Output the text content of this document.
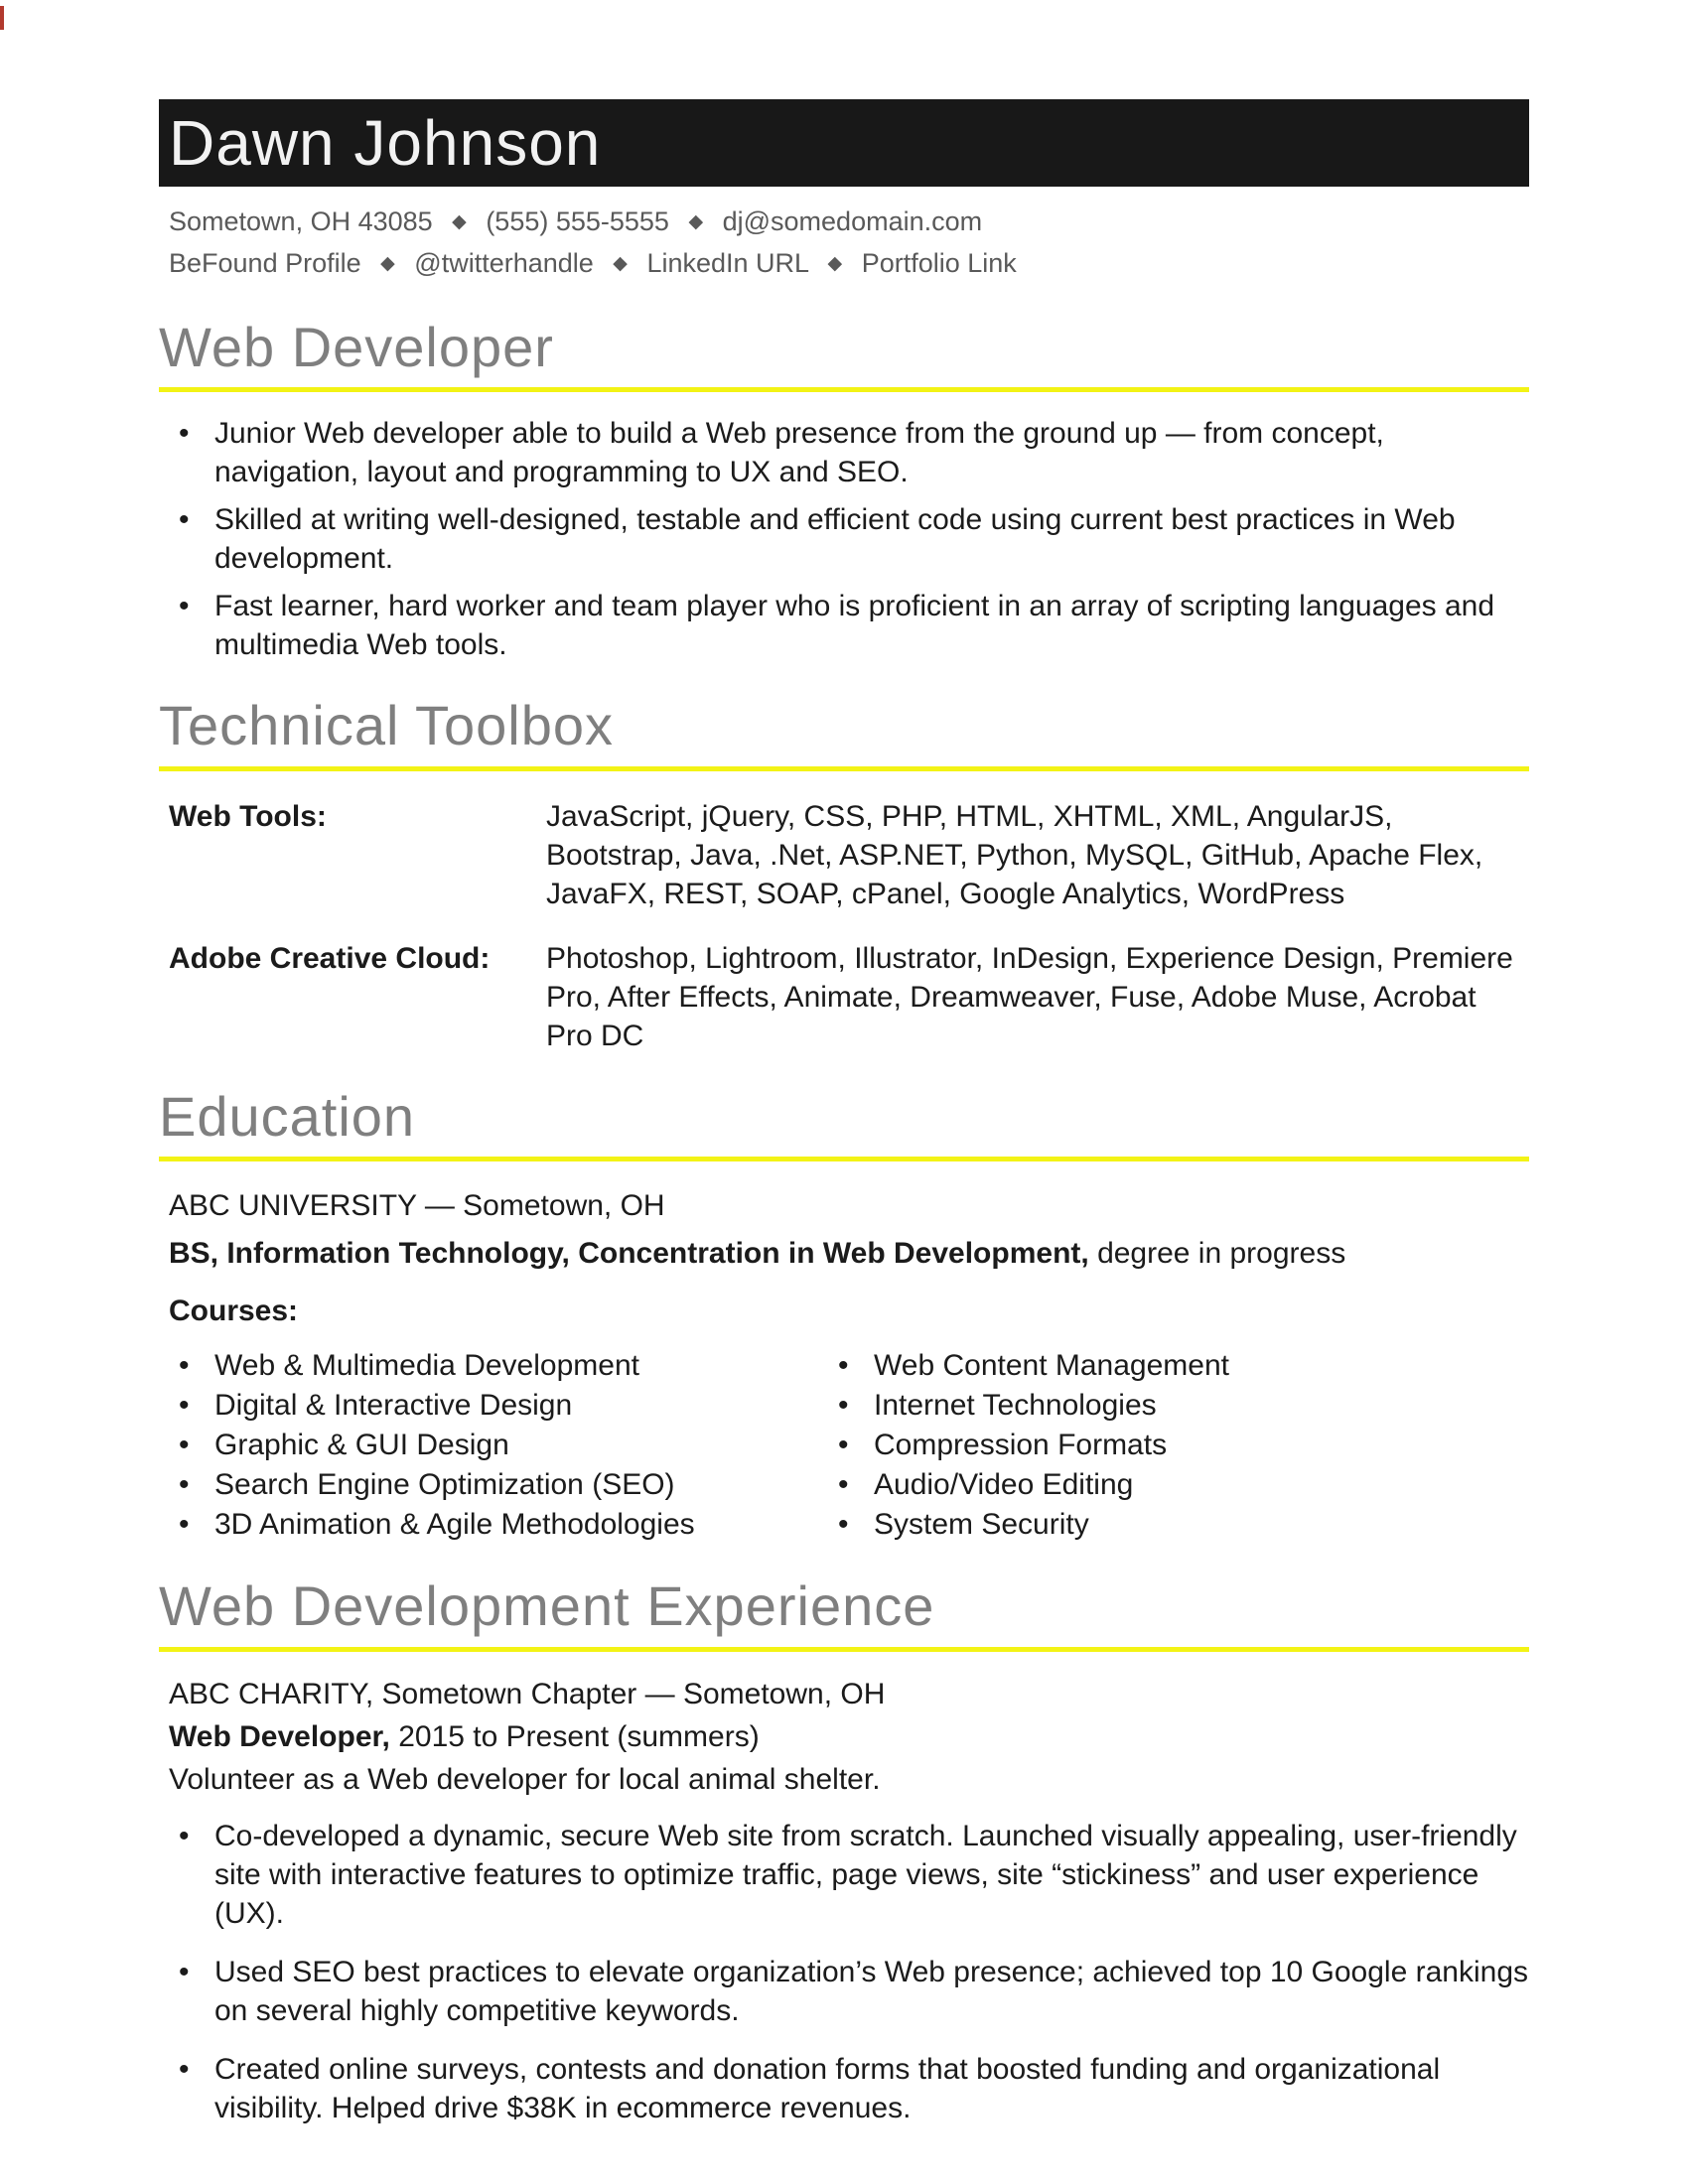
Dawn Johnson
Sometown, OH 43085 ◆ (555) 555-5555 ◆ dj@somedomain.com
BeFound Profile ◆ @twitterhandle ◆ LinkedIn URL ◆ Portfolio Link
Web Developer
• Junior Web developer able to build a Web presence from the ground up — from concept, navigation, layout and programming to UX and SEO.
• Skilled at writing well-designed, testable and efficient code using current best practices in Web development.
• Fast learner, hard worker and team player who is proficient in an array of scripting languages and multimedia Web tools.
Technical Toolbox
Web Tools:	JavaScript, jQuery, CSS, PHP, HTML, XHTML, XML, AngularJS, Bootstrap, Java, .Net, ASP.NET, Python, MySQL, GitHub, Apache Flex, JavaFX, REST, SOAP, cPanel, Google Analytics, WordPress
Adobe Creative Cloud:	Photoshop, Lightroom, Illustrator, InDesign, Experience Design, Premiere Pro, After Effects, Animate, Dreamweaver, Fuse, Adobe Muse, Acrobat Pro DC
Education
ABC UNIVERSITY — Sometown, OH
BS, Information Technology, Concentration in Web Development, degree in progress
Courses:
• Web & Multimedia Development
• Digital & Interactive Design
• Graphic & GUI Design
• Search Engine Optimization (SEO)
• 3D Animation & Agile Methodologies
• Web Content Management
• Internet Technologies
• Compression Formats
• Audio/Video Editing
• System Security
Web Development Experience
ABC CHARITY, Sometown Chapter — Sometown, OH
Web Developer, 2015 to Present (summers)
Volunteer as a Web developer for local animal shelter.
• Co-developed a dynamic, secure Web site from scratch. Launched visually appealing, user-friendly site with interactive features to optimize traffic, page views, site “stickiness” and user experience (UX).
• Used SEO best practices to elevate organization’s Web presence; achieved top 10 Google rankings on several highly competitive keywords.
• Created online surveys, contests and donation forms that boosted funding and organizational visibility. Helped drive $38K in ecommerce revenues.
